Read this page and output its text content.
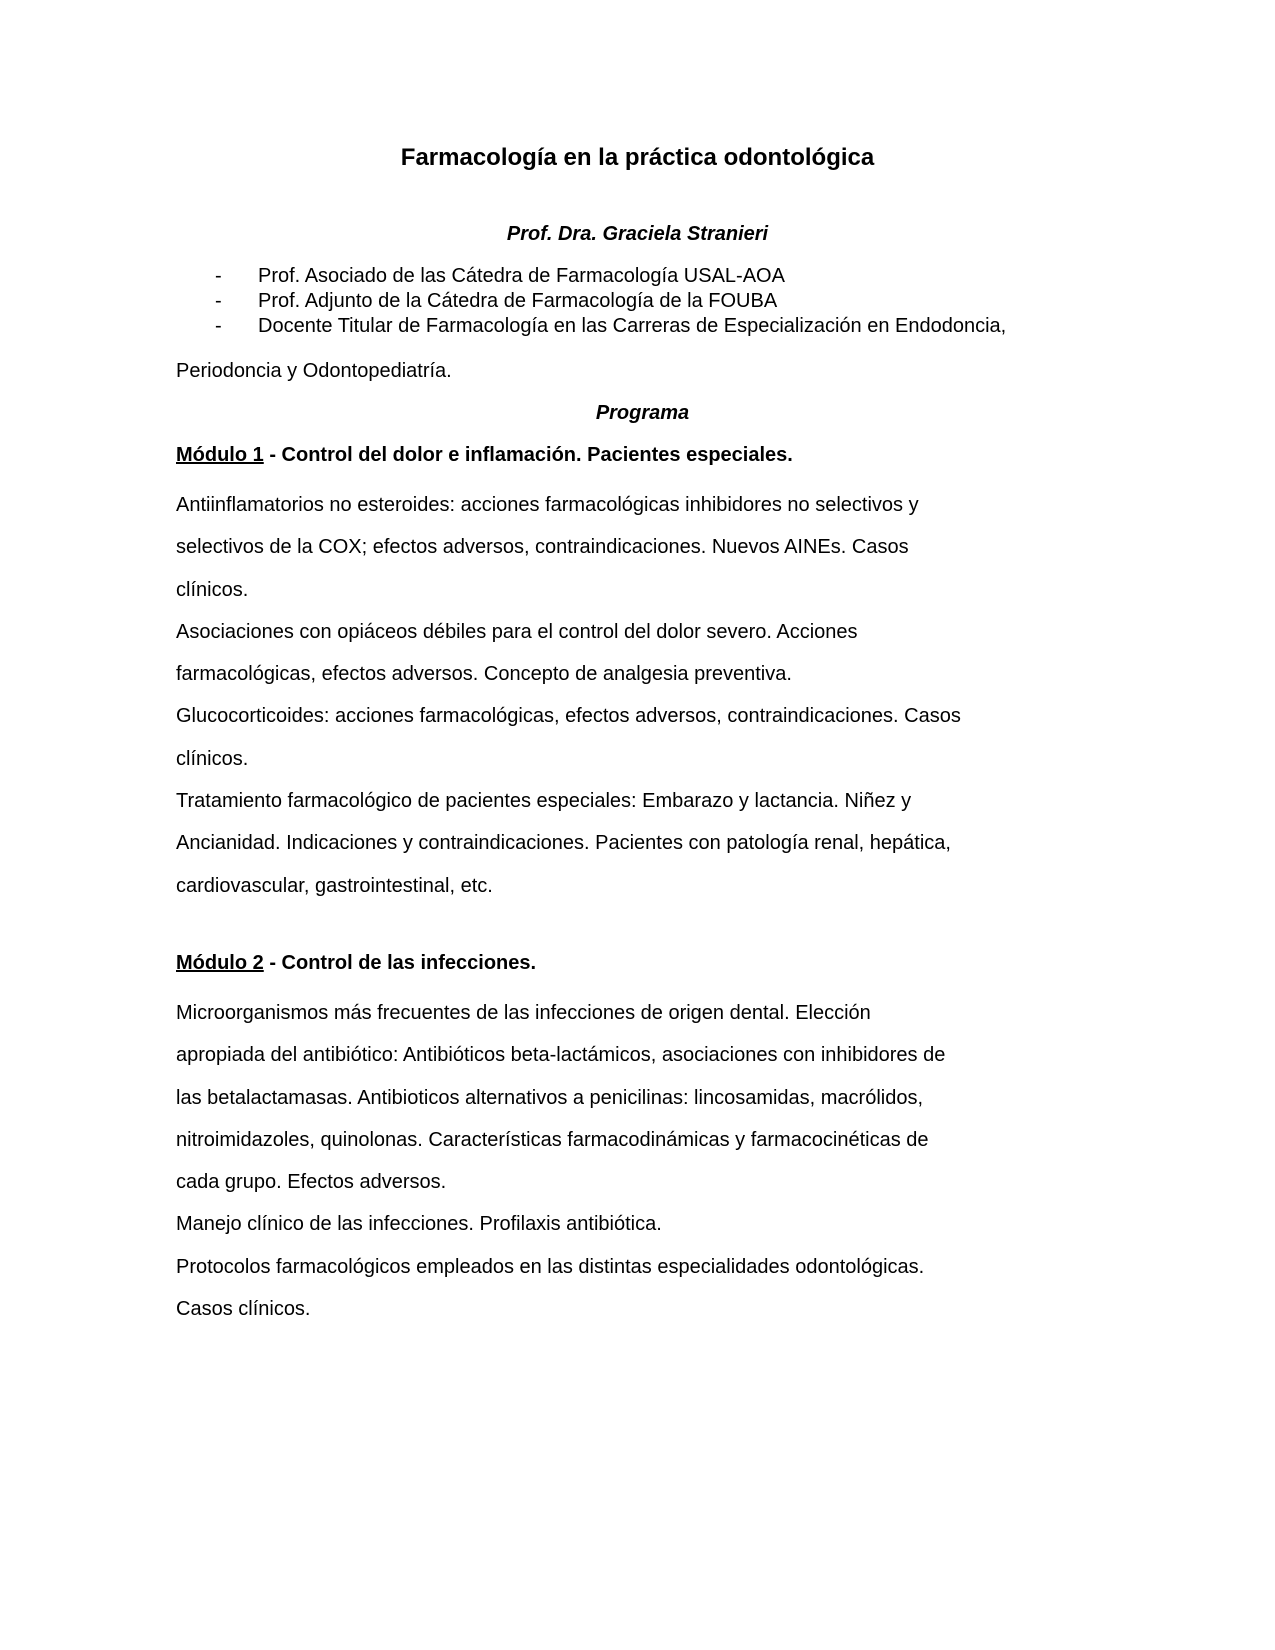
Farmacología en la práctica odontológica
Prof. Dra. Graciela Stranieri
- Prof. Asociado de las Cátedra de Farmacología USAL-AOA
- Prof. Adjunto de la Cátedra de Farmacología de la FOUBA
- Docente Titular de Farmacología en las Carreras de Especialización en Endodoncia,
Periodoncia y Odontopediatría.
Programa
Módulo 1 - Control del dolor e inflamación. Pacientes especiales.

Antiinflamatorios no esteroides: acciones farmacológicas inhibidores no selectivos y

selectivos de la COX; efectos adversos, contraindicaciones. Nuevos AINEs. Casos

clínicos.

Asociaciones con opiáceos débiles para el control del dolor severo. Acciones

farmacológicas, efectos adversos. Concepto de analgesia preventiva.

Glucocorticoides: acciones farmacológicas, efectos adversos, contraindicaciones. Casos

clínicos.

Tratamiento farmacológico de pacientes especiales: Embarazo y lactancia. Niñez y

Ancianidad. Indicaciones y contraindicaciones. Pacientes con patología renal, hepática,

cardiovascular, gastrointestinal, etc.

Módulo 2 - Control de las infecciones.

Microorganismos más frecuentes de las infecciones de origen dental. Elección

apropiada del antibiótico: Antibióticos beta-lactámicos, asociaciones con inhibidores de

las betalactamasas. Antibioticos alternativos a penicilinas: lincosamidas, macrólidos,

nitroimidazoles, quinolonas. Características farmacodinámicas y farmacocinéticas de

cada grupo. Efectos adversos.

Manejo clínico de las infecciones. Profilaxis antibiótica.

Protocolos farmacológicos empleados en las distintas especialidades odontológicas.

Casos clínicos.
